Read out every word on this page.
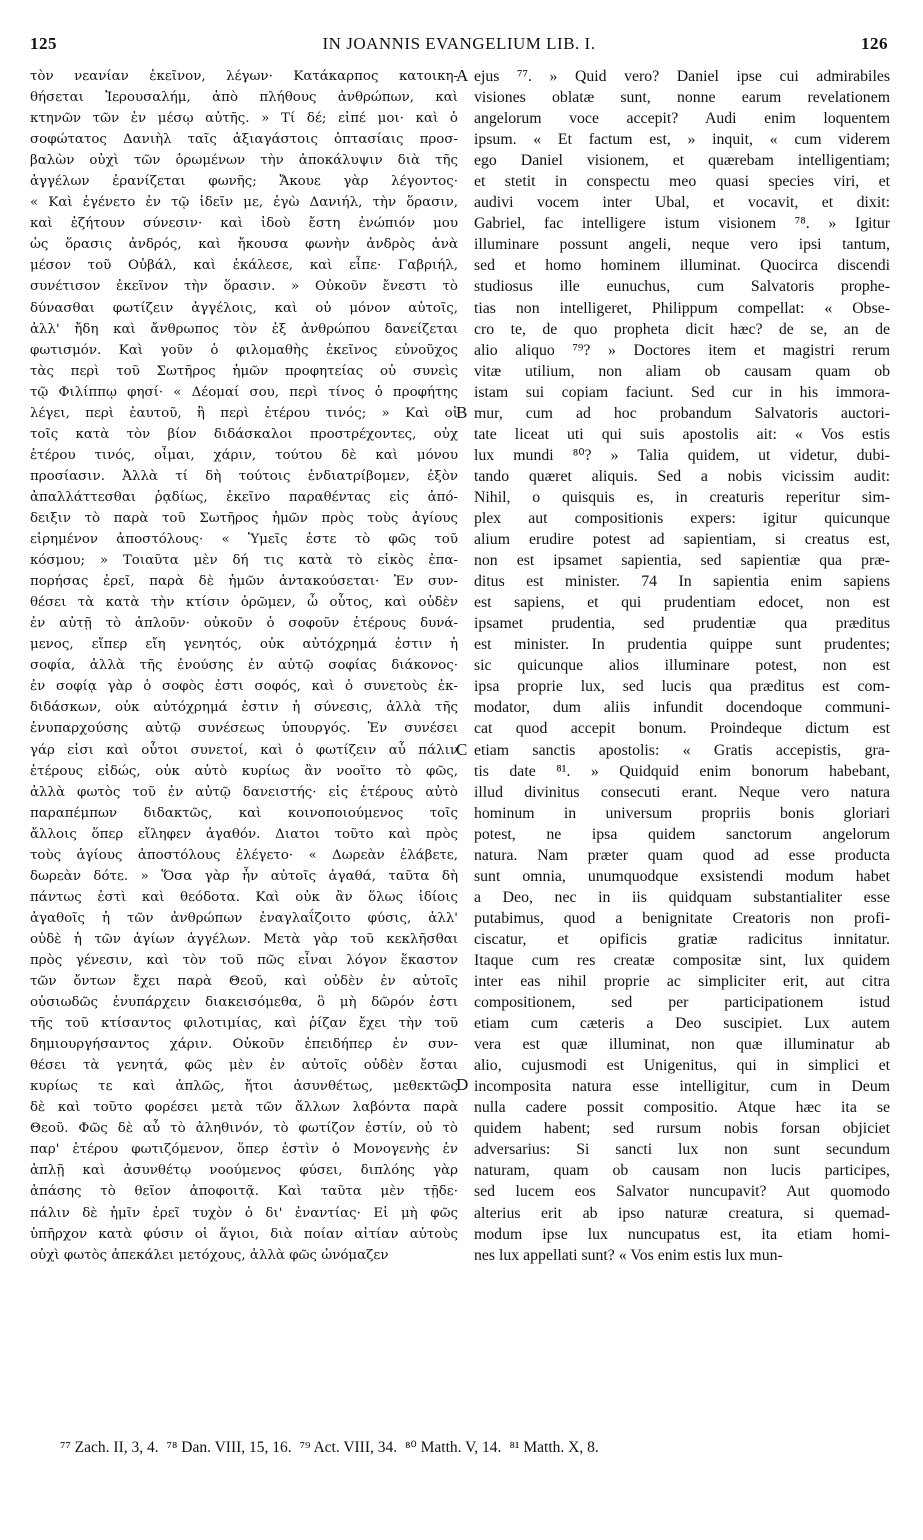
125	IN JOANNIS EVANGELIUM LIB. I.	126
τὸν νεανίαν ἐκεῖνον, λέγων· Κατάκαρπος κατοικη-
θήσεται Ἱερουσαλήμ, ἀπὸ πλήθους ἀνθρώπων, καὶ
κτηνῶν τῶν ἐν μέσῳ αὐτῆς. » Τί δέ; εἰπέ μοι· καὶ ὁ
σοφώτατος Δανιὴλ ταῖς ἀξιαγάστοις ὀπτασίαις προσ-
βαλὼν οὐχὶ τῶν ὁρωμένων τὴν ἀποκάλυψιν διὰ τῆς
ἀγγέλων ἐρανίζεται φωνῆς; Ἄκουε γὰρ λέγοντος·
« Καὶ ἐγένετο ἐν τῷ ἰδεῖν με, ἐγὼ Δανιήλ, τὴν ὅρασιν,
καὶ ἐζήτουν σύνεσιν· καὶ ἰδοὺ ἔστη ἐνώπιόν μου
ὡς ὅρασις ἀνδρός, καὶ ἤκουσα φωνὴν ἀνδρὸς ἀνὰ
μέσον τοῦ Οὐβάλ, καὶ ἐκάλεσε, καὶ εἶπε· Γαβριήλ,
συνέτισον ἐκεῖνον τὴν ὅρασιν. » Οὐκοῦν ἔνεστι τὸ
δύνασθαι φωτίζειν ἀγγέλοις, καὶ οὐ μόνον αὐτοῖς,
ἀλλ' ἤδη καὶ ἄνθρωπος τὸν ἐξ ἀνθρώπου δανείζεται
φωτισμόν. Καὶ γοῦν ὁ φιλομαθὴς ἐκεῖνος εὐνοῦχος
τὰς περὶ τοῦ Σωτῆρος ἡμῶν προφητείας οὐ συνεὶς
τῷ Φιλίππῳ φησί· « Δέομαί σου, περὶ τίνος ὁ προφήτης
λέγει, περὶ ἑαυτοῦ, ἢ περὶ ἑτέρου τινός; » Καὶ οἱ
τοῖς κατὰ τὸν βίον διδάσκαλοι προστρέχοντες, οὐχ
ἑτέρου τινός, οἶμαι, χάριν, τούτου δὲ καὶ μόνου
προσίασιν. Ἀλλὰ τί δὴ τούτοις ἐνδιατρίβομεν, ἐξὸν
ἀπαλλάττεσθαι ῥᾳδίως, ἐκεῖνο παραθέντας εἰς ἀπό-
δειξιν τὸ παρὰ τοῦ Σωτῆρος ἡμῶν πρὸς τοὺς ἁγίους
εἰρημένον ἀποστόλους· « Ὑμεῖς ἐστε τὸ φῶς τοῦ
κόσμου; » Τοιαῦτα μὲν δή τις κατὰ τὸ εἰκὸς ἐπα-
πορήσας ἐρεῖ, παρὰ δὲ ἡμῶν ἀντακούσεται· Ἐν συν-
θέσει τὰ κατὰ τὴν κτίσιν ὁρῶμεν, ὦ οὗτος, καὶ οὐδὲν
ἐν αὐτῇ τὸ ἁπλοῦν· οὐκοῦν ὁ σοφοῦν ἑτέρους δυνά-
μενος, εἴπερ εἴη γενητός, οὐκ αὐτόχρημά ἐστιν ἡ
σοφία, ἀλλὰ τῆς ἐνούσης ἐν αὐτῷ σοφίας διάκονος·
ἐν σοφίᾳ γὰρ ὁ σοφὸς ἐστι σοφός, καὶ ὁ συνετοὺς ἐκ-
διδάσκων, οὐκ αὐτόχρημά ἐστιν ἡ σύνεσις, ἀλλὰ τῆς
ἐνυπαρχούσης αὐτῷ συνέσεως ὑπουργός. Ἐν συνέσει
γάρ εἰσι καὶ οὗτοι συνετοί, καὶ ὁ φωτίζειν αὖ πάλιν
ἑτέρους εἰδώς, οὐκ αὐτὸ κυρίως ἂν νοοῖτο τὸ φῶς,
ἀλλὰ φωτὸς τοῦ ἐν αὐτῷ δανειστής· εἰς ἑτέρους αὐτὸ
παραπέμπων διδακτῶς, καὶ κοινοποιούμενος τοῖς
ἄλλοις ὅπερ εἴληφεν ἀγαθόν. Διατοι τοῦτο καὶ πρὸς
τοὺς ἁγίους ἀποστόλους ἐλέγετο· « Δωρεὰν ἐλάβετε,
δωρεὰν δότε. » Ὅσα γὰρ ἦν αὐτοῖς ἀγαθά, ταῦτα δὴ
πάντως ἐστὶ καὶ θεόδοτα. Καὶ οὐκ ἂν ὅλως ἰδίοις
ἀγαθοῖς ἡ τῶν ἀνθρώπων ἐναγλαΐζοιτο φύσις, ἀλλ'
οὐδὲ ἡ τῶν ἁγίων ἀγγέλων. Μετὰ γὰρ τοῦ κεκλῆσθαι
πρὸς γένεσιν, καὶ τὸν τοῦ πῶς εἶναι λόγον ἕκαστον
τῶν ὄντων ἔχει παρὰ Θεοῦ, καὶ οὐδὲν ἐν αὐτοῖς
οὐσιωδῶς ἐνυπάρχειν διακεισόμεθα, ὃ μὴ δῶρόν ἐστι
τῆς τοῦ κτίσαντος φιλοτιμίας, καὶ ῥίζαν ἔχει τὴν τοῦ
δημιουργήσαντος χάριν. Οὐκοῦν ἐπειδήπερ ἐν συν-
θέσει τὰ γενητά, φῶς μὲν ἐν αὐτοῖς οὐδὲν ἔσται
κυρίως τε καὶ ἁπλῶς, ἤτοι ἀσυνθέτως, μεθεκτῶς
δὲ καὶ τοῦτο φορέσει μετὰ τῶν ἄλλων λαβόντα παρὰ
Θεοῦ. Φῶς δὲ αὖ τὸ ἀληθινόν, τὸ φωτίζον ἐστίν, οὐ τὸ
παρ' ἑτέρου φωτιζόμενον, ὅπερ ἐστὶν ὁ Μονογενὴς ἐν
ἁπλῇ καὶ ἀσυνθέτῳ νοούμενος φύσει, διπλόης γὰρ
ἁπάσης τὸ θεῖον ἀποφοιτᾷ. Καὶ ταῦτα μὲν τῇδε·
πάλιν δὲ ἡμῖν ἐρεῖ τυχὸν ὁ δι' ἐναντίας· Εἰ μὴ φῶς
ὑπῆρχον κατὰ φύσιν οἱ ἅγιοι, διὰ ποίαν αἰτίαν αὐτοὺς
οὐχὶ φωτὸς ἀπεκάλει μετόχους, ἀλλὰ φῶς ὠνόμαζεν
ejus ⁷⁷. » Quid vero? Daniel ipse cui admirabiles
visiones oblatæ sunt, nonne earum revelationem
angelorum voce accepit? Audi enim loquentem
ipsum. « Et factum est, » inquit, « cum viderem
ego Daniel visionem, et quærebam intelligentiam;
et stetit in conspectu meo quasi species viri, et
audivi vocem inter Ubal, et vocavit, et dixit:
Gabriel, fac intelligere istum visionem ⁷⁸. » Igitur
illuminare possunt angeli, neque vero ipsi tantum,
sed et homo hominem illuminat. Quocirca discendi
studiosus ille eunuchus, cum Salvatoris prophe-
tias non intelligeret, Philippum compellat: « Obse-
cro te, de quo propheta dicit hæc? de se, an de
alio aliquo ⁷⁹? » Doctores item et magistri rerum
vitæ utilium, non aliam ob causam quam ob
istam sui copiam faciunt. Sed cur in his immora-
mur, cum ad hoc probandum Salvatoris auctori-
tate liceat uti qui suis apostolis ait: « Vos estis
lux mundi ⁸⁰? » Talia quidem, ut videtur, dubi-
tando quæret aliquis. Sed a nobis vicissim audit:
Nihil, o quisquis es, in creaturis reperitur sim-
plex aut compositionis expers: igitur quicunque
alium erudire potest ad sapientiam, si creatus est,
non est ipsamet sapientia, sed sapientiæ qua præ-
ditus est minister. 74 In sapientia enim sapiens
est sapiens, et qui prudentiam edocet, non est
ipsamet prudentia, sed prudentiæ qua præditus
est minister. In prudentia quippe sunt prudentes;
sic quicunque alios illuminare potest, non est
ipsa proprie lux, sed lucis qua præditus est com-
modator, dum aliis infundit docendoque communi-
cat quod accepit bonum. Proindeque dictum est
etiam sanctis apostolis: « Gratis accepistis, gra-
tis date ⁸¹. » Quidquid enim bonorum habebant,
illud divinitus consecuti erant. Neque vero natura
hominum in universum propriis bonis gloriari
potest, ne ipsa quidem sanctorum angelorum
natura. Nam præter quam quod ad esse producta
sunt omnia, unumquodque exsistendi modum habet
a Deo, nec in iis quidquam substantialiter esse
putabimus, quod a benignitate Creatoris non profi-
ciscatur, et opificis gratiæ radicitus innitatur.
Itaque cum res creatæ compositæ sint, lux quidem
inter eas nihil proprie ac simpliciter erit, aut citra
compositionem, sed per participationem istud
etiam cum cæteris a Deo suscipiet. Lux autem
vera est quæ illuminat, non quæ illuminatur ab
alio, cujusmodi est Unigenitus, qui in simplici et
incomposita natura esse intelligitur, cum in Deum
nulla cadere possit compositio. Atque hæc ita se
quidem habent; sed rursum nobis forsan objiciet
adversarius: Si sancti lux non sunt secundum
naturam, quam ob causam non lucis participes,
sed lucem eos Salvator nuncupavit? Aut quomodo
alterius erit ab ipso naturæ creatura, si quemad-
modum ipse lux nuncupatus est, ita etiam homi-
nes lux appellati sunt? « Vos enim estis lux mun-
A
B
C
D
⁷⁷ Zach. II, 3, 4. ⁷⁸ Dan. VIII, 15, 16. ⁷⁹ Act. VIII, 34. ⁸⁰ Matth. V, 14. ⁸¹ Matth. X, 8.
